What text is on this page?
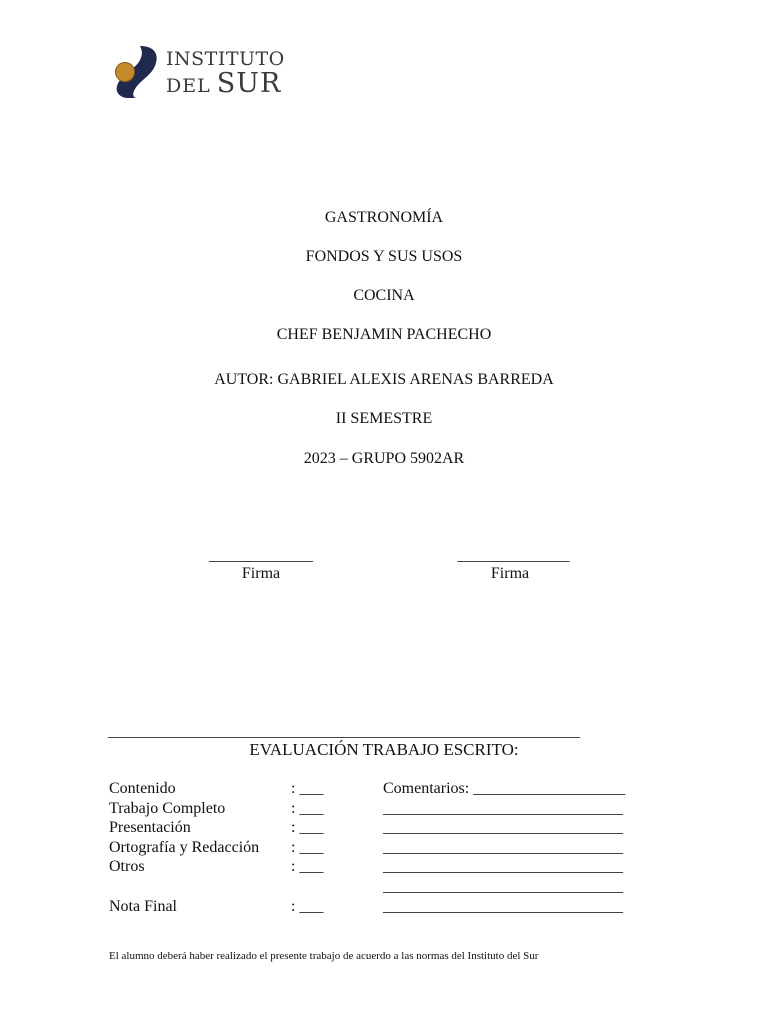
INSTITUTO
DEL SUR
GASTRONOMÍA
FONDOS Y SUS USOS
COCINA
CHEF BENJAMIN PACHECHO
AUTOR: GABRIEL ALEXIS ARENAS BARREDA
II SEMESTRE
2023 – GRUPO 5902AR
_____________
Firma
______________
Firma
___________________________________________________________
EVALUACIÓN TRABAJO ESCRITO:
Contenido	: ___	Comentarios: ___________________
Trabajo Completo	: ___	______________________________
Presentación	: ___	______________________________
Ortografía y Redacción : ___	______________________________
Otros	: ___	______________________________
______________________________
Nota Final	: ___	______________________________
El alumno deberá haber realizado el presente trabajo de acuerdo a las normas del Instituto del Sur
